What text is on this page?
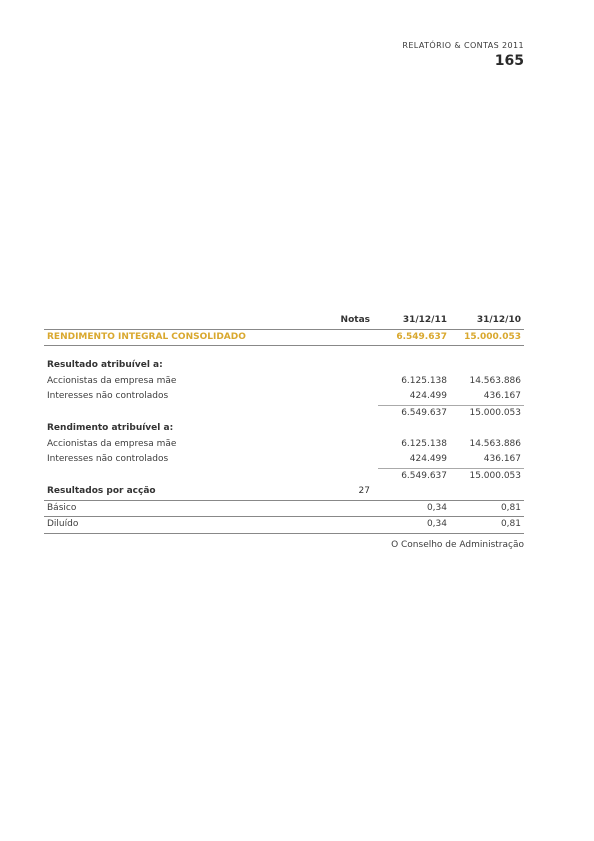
RELATÓRIO & CONTAS 2011
165
	Notas	31/12/11	31/12/10
RENDIMENTO INTEGRAL CONSOLIDADO		6.549.637	15.000.053

Resultado atribuível a:			
Accionistas da empresa mãe		6.125.138	14.563.886
Interesses não controlados		424.499	436.167
		6.549.637	15.000.053
Rendimento atribuível a:			
Accionistas da empresa mãe		6.125.138	14.563.886
Interesses não controlados		424.499	436.167
		6.549.637	15.000.053
Resultados por acção	27		
Básico		0,34	0,81
Diluído		0,34	0,81
O Conselho de Administração
